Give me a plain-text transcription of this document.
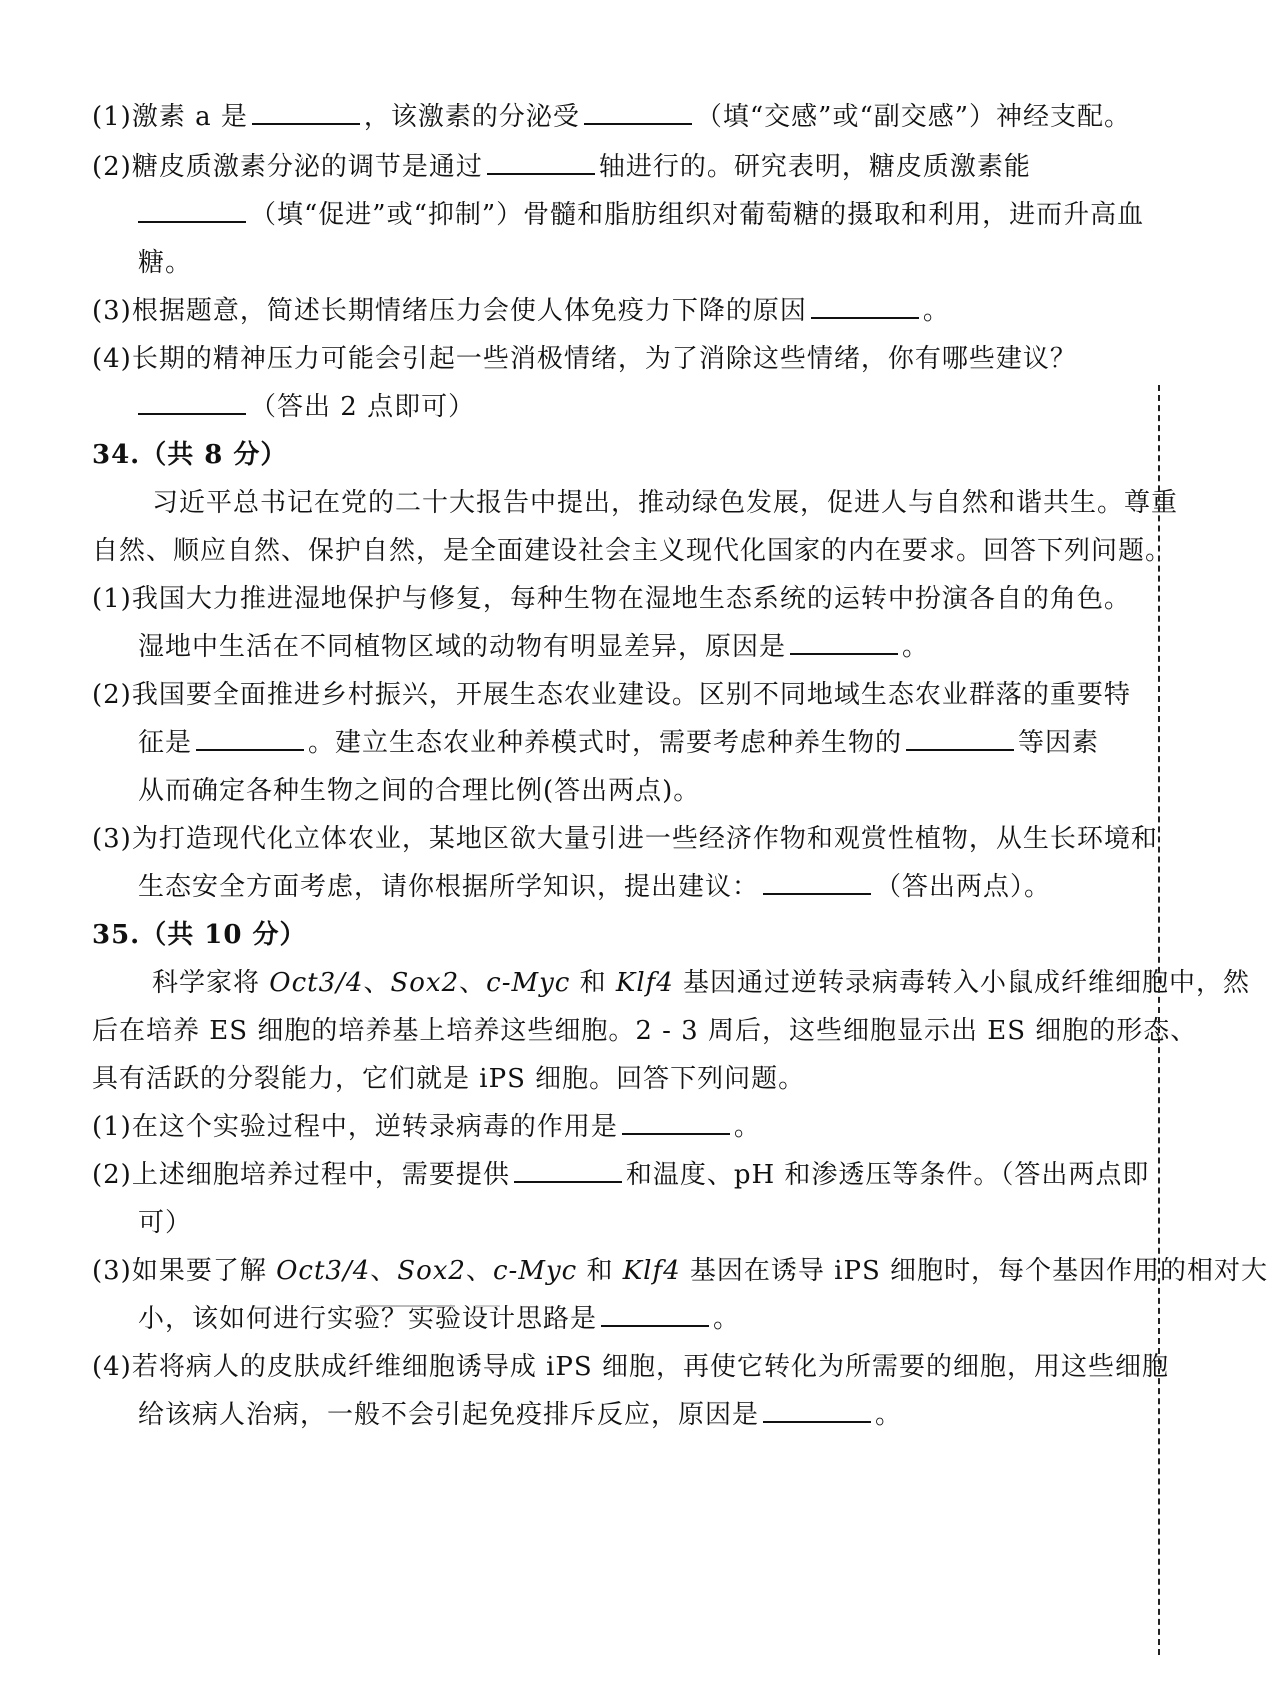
(1)激素 a 是	，该激素的分泌受	（填“交感”或“副交感”）神经支配。
(2)糖皮质激素分泌的调节是通过	轴进行的。研究表明，糖皮质激素能
（填“促进”或“抑制”）骨髓和脂肪组织对葡萄糖的摄取和利用，进而升高血
糖。
(3)根据题意，简述长期情绪压力会使人体免疫力下降的原因	。
(4)长期的精神压力可能会引起一些消极情绪，为了消除这些情绪，你有哪些建议？
（答出 2 点即可）
34.（共 8 分）
习近平总书记在党的二十大报告中提出，推动绿色发展，促进人与自然和谐共生。尊重
自然、顺应自然、保护自然，是全面建设社会主义现代化国家的内在要求。回答下列问题。
(1)我国大力推进湿地保护与修复，每种生物在湿地生态系统的运转中扮演各自的角色。
湿地中生活在不同植物区域的动物有明显差异，原因是	。
(2)我国要全面推进乡村振兴，开展生态农业建设。区别不同地域生态农业群落的重要特
征是	。建立生态农业种养模式时，需要考虑种养生物的	等因素
从而确定各种生物之间的合理比例(答出两点)。
(3)为打造现代化立体农业，某地区欲大量引进一些经济作物和观赏性植物，从生长环境和
生态安全方面考虑，请你根据所学知识，提出建议：	（答出两点）。
35.（共 10 分）
科学家将 Oct3/4、Sox2、c-Myc 和 Klf4 基因通过逆转录病毒转入小鼠成纤维细胞中，然
后在培养 ES 细胞的培养基上培养这些细胞。2 - 3 周后，这些细胞显示出 ES 细胞的形态、
具有活跃的分裂能力，它们就是 iPS 细胞。回答下列问题。
(1)在这个实验过程中，逆转录病毒的作用是	。
(2)上述细胞培养过程中，需要提供	和温度、pH 和渗透压等条件。（答出两点即
可）
(3)如果要了解 Oct3/4、Sox2、c-Myc 和 Klf4 基因在诱导 iPS 细胞时，每个基因作用的相对大
小，该如何进行实验？实验设计思路是	。
(4)若将病人的皮肤成纤维细胞诱导成 iPS 细胞，再使它转化为所需要的细胞，用这些细胞
给该病人治病，一般不会引起免疫排斥反应，原因是	。
